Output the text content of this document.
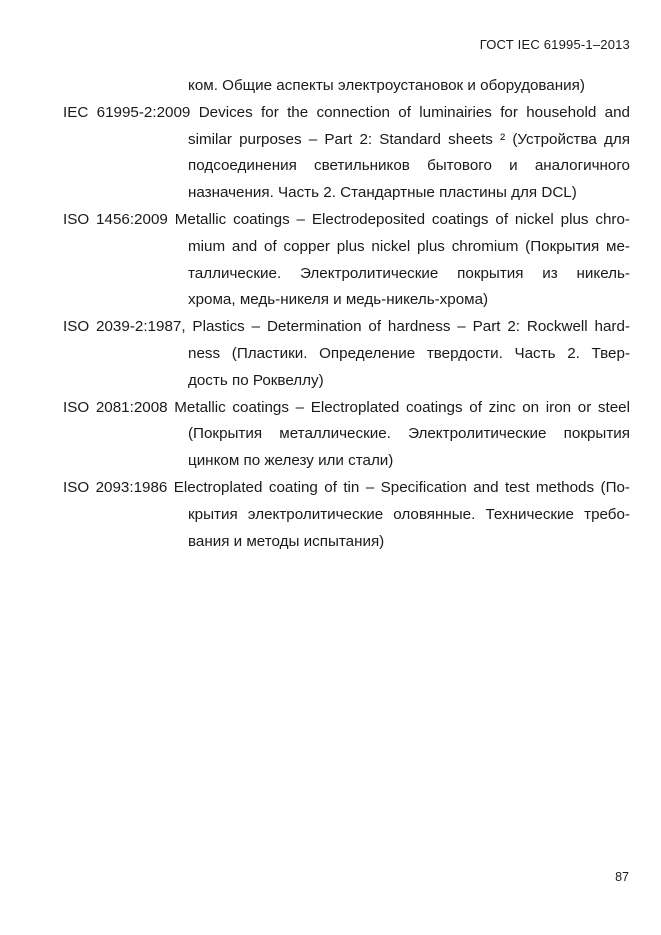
ГОСТ IEC 61995-1–2013
ком. Общие аспекты электроустановок и оборудования)
IEC 61995-2:2009 Devices for the connection of luminairies for household and
similar purposes – Part 2: Standard sheets ² (Устройства для
подсоединения светильников бытового и аналогичного
назначения. Часть 2. Стандартные пластины для DCL)
ISO 1456:2009 Metallic coatings – Electrodeposited coatings of nickel plus chro-
mium and of copper plus nickel plus chromium (Покрытия ме-
таллические. Электролитические покрытия из никель-
хрома, медь-никеля и медь-никель-хрома)
ISO 2039-2:1987, Plastics – Determination of hardness – Part 2: Rockwell hard-
ness (Пластики. Определение твердости. Часть 2. Твер-
дость по Роквеллу)
ISO 2081:2008 Metallic coatings – Electroplated coatings of zinc on iron or steel
(Покрытия металлические. Электролитические покрытия
цинком по железу или стали)
ISO 2093:1986 Electroplated coating of tin – Specification and test methods (По-
крытия электролитические оловянные. Технические требо-
вания и методы испытания)
87
